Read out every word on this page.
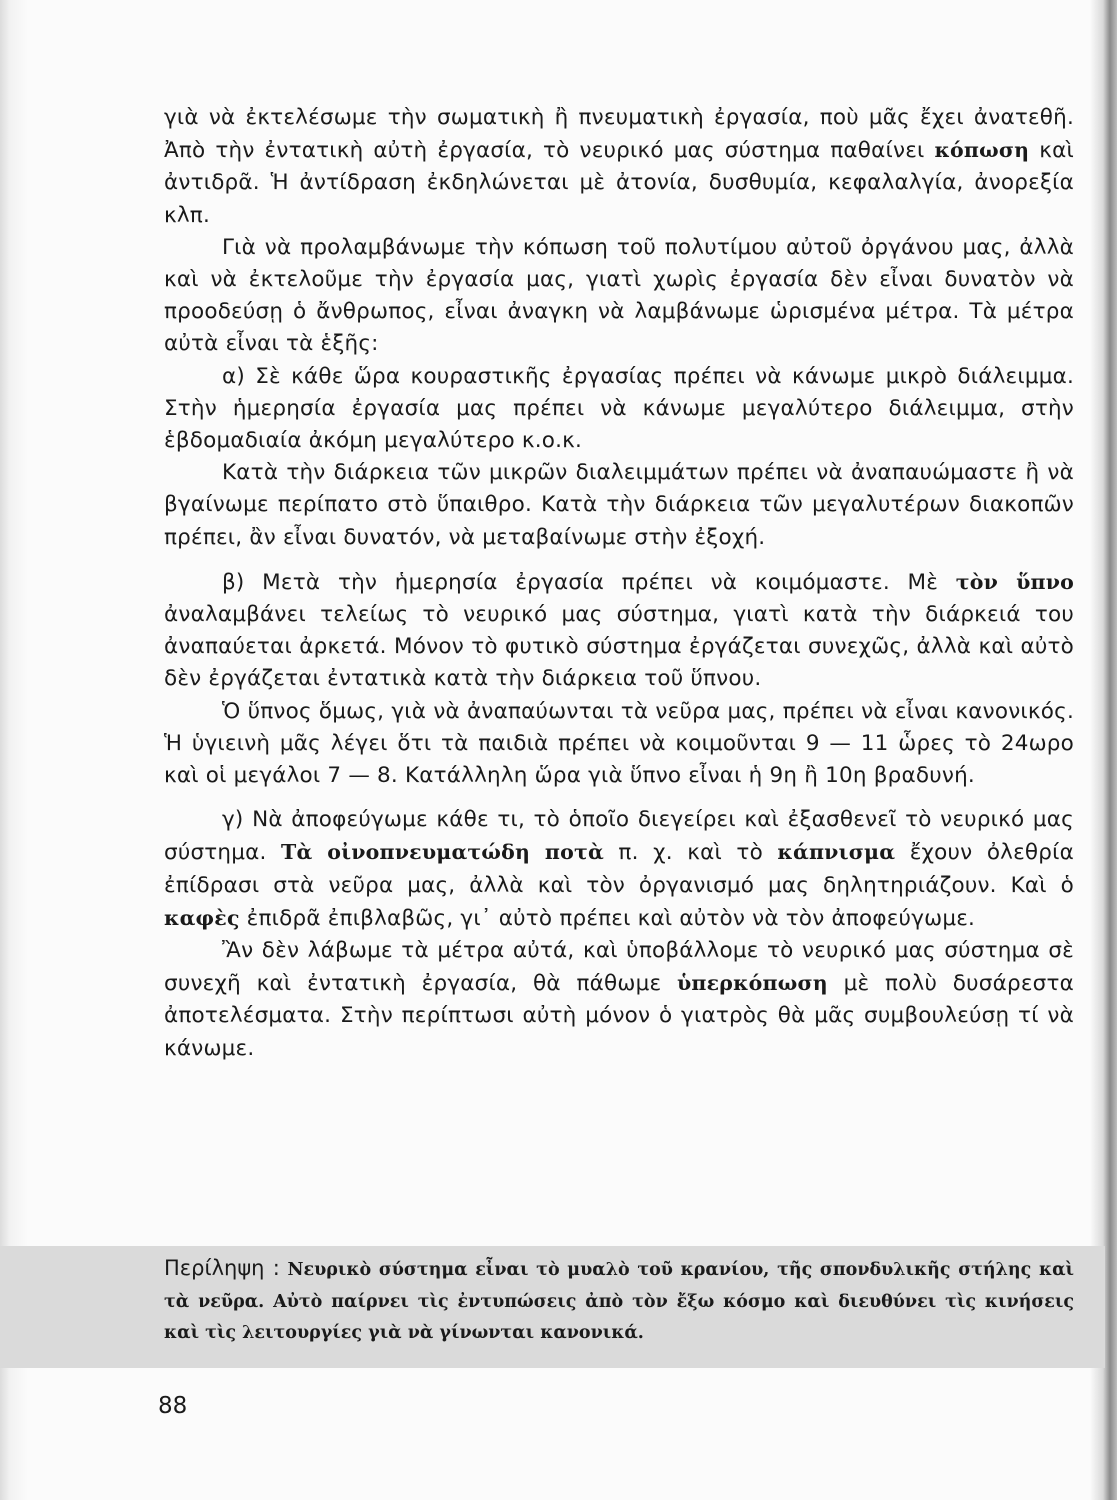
γιὰ νὰ ἐκτελέσωμε τὴν σωματικὴ ἢ πνευματικὴ ἐργασία, ποὺ μᾶς ἔχει ἀνατεθῆ. Ἀπὸ τὴν ἐντατικὴ αὐτὴ ἐργασία, τὸ νευρικό μας σύστημα παθαίνει κόπωση καὶ ἀντιδρᾶ. Ἡ ἀντίδραση ἐκδηλώνεται μὲ ἀτονία, δυσθυμία, κεφαλαλγία, ἀνορεξία κλπ.

Γιὰ νὰ προλαμβάνωμε τὴν κόπωση τοῦ πολυτίμου αὐτοῦ ὀργάνου μας, ἀλλὰ καὶ νὰ ἐκτελοῦμε τὴν ἐργασία μας, γιατὶ χωρὶς ἐργασία δὲν εἶναι δυνατὸν νὰ προοδεύσῃ ὁ ἄνθρωπος, εἶναι ἀναγκη νὰ λαμβάνωμε ὡρισμένα μέτρα. Τὰ μέτρα αὐτὰ εἶναι τὰ ἑξῆς:

α) Σὲ κάθε ὥρα κουραστικῆς ἐργασίας πρέπει νὰ κάνωμε μικρὸ διάλειμμα. Στὴν ἡμερησία ἐργασία μας πρέπει νὰ κάνωμε μεγαλύτερο διάλειμμα, στὴν ἑβδομαδιαία ἀκόμη μεγαλύτερο κ.ο.κ.

Κατὰ τὴν διάρκεια τῶν μικρῶν διαλειμμάτων πρέπει νὰ ἀναπαυώμαστε ἢ νὰ βγαίνωμε περίπατο στὸ ὕπαιθρο. Κατὰ τὴν διάρκεια τῶν μεγαλυτέρων διακοπῶν πρέπει, ἂν εἶναι δυνατόν, νὰ μεταβαίνωμε στὴν ἐξοχή.

β) Μετὰ τὴν ἡμερησία ἐργασία πρέπει νὰ κοιμόμαστε. Μὲ τὸν ὕπνο ἀναλαμβάνει τελείως τὸ νευρικό μας σύστημα, γιατὶ κατὰ τὴν διάρκειά του ἀναπαύεται ἀρκετά. Μόνον τὸ φυτικὸ σύστημα ἐργάζεται συνεχῶς, ἀλλὰ καὶ αὐτὸ δὲν ἐργάζεται ἐντατικὰ κατὰ τὴν διάρκεια τοῦ ὕπνου.

Ὁ ὕπνος ὅμως, γιὰ νὰ ἀναπαύωνται τὰ νεῦρα μας, πρέπει νὰ εἶναι κανονικός. Ἡ ὑγιεινὴ μᾶς λέγει ὅτι τὰ παιδιὰ πρέπει νὰ κοιμοῦνται 9 — 11 ὧρες τὸ 24ωρο καὶ οἱ μεγάλοι 7 — 8. Κατάλληλη ὥρα γιὰ ὕπνο εἶναι ἡ 9η ἢ 10η βραδυνή.

γ) Νὰ ἀποφεύγωμε κάθε τι, τὸ ὁποῖο διεγείρει καὶ ἐξασθενεῖ τὸ νευρικό μας σύστημα. Τὰ οἰνοπνευματώδη ποτὰ π. χ. καὶ τὸ κάπνισμα ἔχουν ὀλεθρία ἐπίδρασι στὰ νεῦρα μας, ἀλλὰ καὶ τὸν ὀργανισμό μας δηλητηριάζουν. Καὶ ὁ καφὲς ἐπιδρᾶ ἐπιβλαβῶς, γι᾽ αὐτὸ πρέπει καὶ αὐτὸν νὰ τὸν ἀποφεύγωμε.

Ἂν δὲν λάβωμε τὰ μέτρα αὐτά, καὶ ὑποβάλλομε τὸ νευρικό μας σύστημα σὲ συνεχῆ καὶ ἐντατικὴ ἐργασία, θὰ πάθωμε ὑπερκόπωση μὲ πολὺ δυσάρεστα ἀποτελέσματα. Στὴν περίπτωσι αὐτὴ μόνον ὁ γιατρὸς θὰ μᾶς συμβουλεύσῃ τί νὰ κάνωμε.

Περίληψη : Νευρικὸ σύστημα εἶναι τὸ μυαλὸ τοῦ κρανίου, τῆς σπονδυλικῆς στήλης καὶ τὰ νεῦρα. Αὐτὸ παίρνει τὶς ἐντυπώσεις ἀπὸ τὸν ἔξω κόσμο καὶ διευθύνει τὶς κινήσεις καὶ τὶς λειτουργίες γιὰ νὰ γίνωνται κανονικά.
88
